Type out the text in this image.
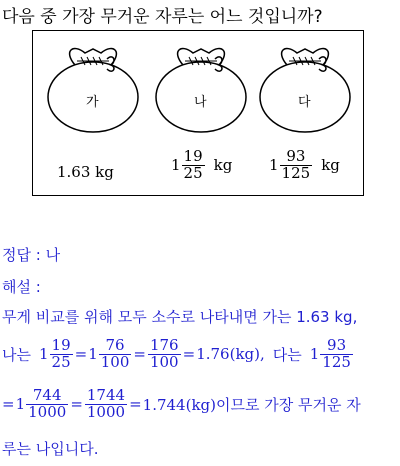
다음 중 가장 무거운 자루는 어느 것입니까?
가	나	다
1.63 kg	$1 \frac{19}{25}$ kg $1 \frac{93}{125}$ kg
정답 : 나
해설 :
무게 비교를 위해 모두 소수로 나타내면 가는 1.63 kg,
나는 $1 \frac{19}{25} = 1 \frac{76}{100} = \frac{176}{100} = 1.76(kg)$, 다는 $1 \frac{93}{125}$
= $1 \frac{744}{1000} = \frac{1744}{1000} = 1.744(kg)$이므로 가장 무거운 자
루는 나입니다.
